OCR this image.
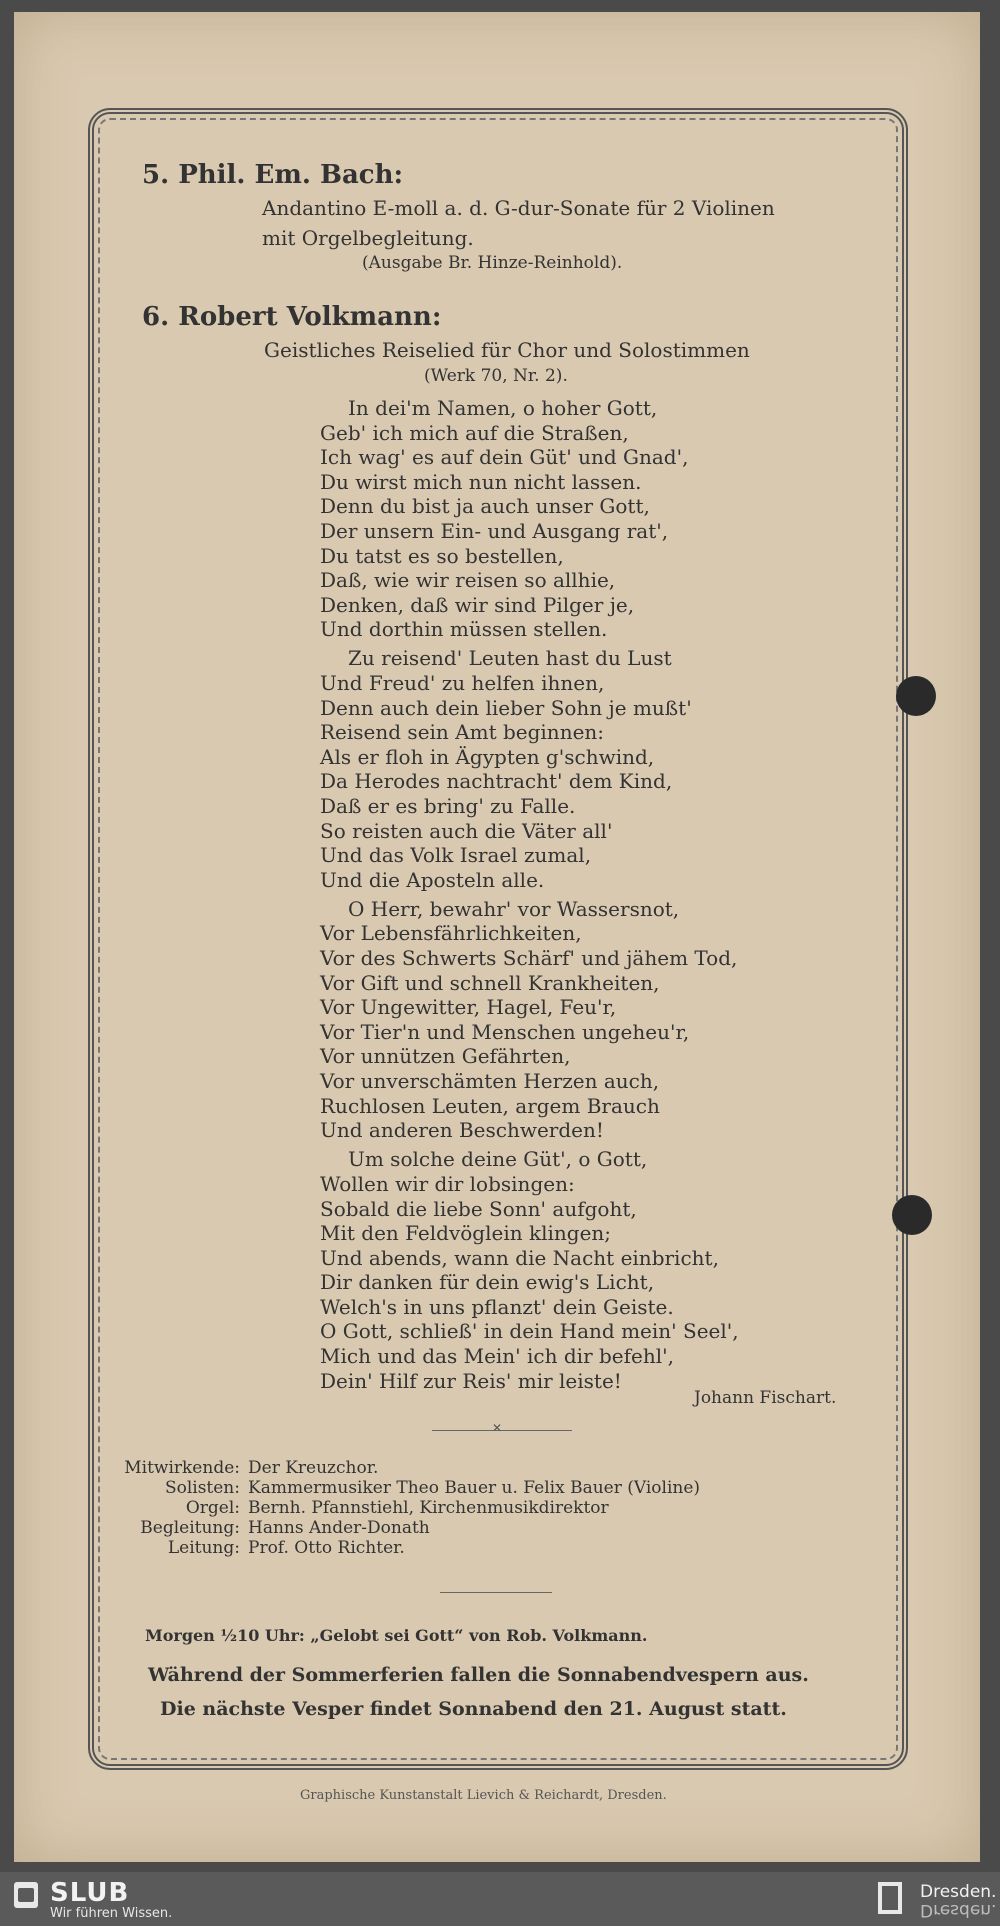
5. Phil. Em. Bach:
Andantino E-moll a. d. G-dur-Sonate für 2 Violinen
mit Orgelbegleitung.
(Ausgabe Br. Hinze-Reinhold).
6. Robert Volkmann:
Geistliches Reiselied für Chor und Solostimmen
(Werk 70, Nr. 2).
In dei'm Namen, o hoher Gott,
Geb' ich mich auf die Straßen,
Ich wag' es auf dein Güt' und Gnad',
Du wirst mich nun nicht lassen.
Denn du bist ja auch unser Gott,
Der unsern Ein- und Ausgang rat',
Du tatst es so bestellen,
Daß, wie wir reisen so allhie,
Denken, daß wir sind Pilger je,
Und dorthin müssen stellen.
Zu reisend' Leuten hast du Lust
Und Freud' zu helfen ihnen,
Denn auch dein lieber Sohn je mußt'
Reisend sein Amt beginnen:
Als er floh in Ägypten g'schwind,
Da Herodes nachtracht' dem Kind,
Daß er es bring' zu Falle.
So reisten auch die Väter all'
Und das Volk Israel zumal,
Und die Aposteln alle.
O Herr, bewahr' vor Wassersnot,
Vor Lebensfährlichkeiten,
Vor des Schwerts Schärf' und jähem Tod,
Vor Gift und schnell Krankheiten,
Vor Ungewitter, Hagel, Feu'r,
Vor Tier'n und Menschen ungeheu'r,
Vor unnützen Gefährten,
Vor unverschämten Herzen auch,
Ruchlosen Leuten, argem Brauch
Und anderen Beschwerden!
Um solche deine Güt', o Gott,
Wollen wir dir lobsingen:
Sobald die liebe Sonn' aufgoht,
Mit den Feldvöglein klingen;
Und abends, wann die Nacht einbricht,
Dir danken für dein ewig's Licht,
Welch's in uns pflanzt' dein Geiste.
O Gott, schließ' in dein Hand mein' Seel',
Mich und das Mein' ich dir befehl',
Dein' Hilf zur Reis' mir leiste!
Johann Fischart.
✕
Mitwirkende: Der Kreuzchor.
Solisten: Kammermusiker Theo Bauer u. Felix Bauer (Violine)
Orgel: Bernh. Pfannstiehl, Kirchenmusikdirektor
Begleitung: Hanns Ander-Donath
Leitung: Prof. Otto Richter.
Morgen ½10 Uhr: „Gelobt sei Gott“ von Rob. Volkmann.
Während der Sommerferien fallen die Sonnabendvespern aus.
Die nächste Vesper findet Sonnabend den 21. August statt.
Graphische Kunstanstalt Lievich & Reichardt, Dresden.
SLUB
Wir führen Wissen.
Dresden.
Dresden.
